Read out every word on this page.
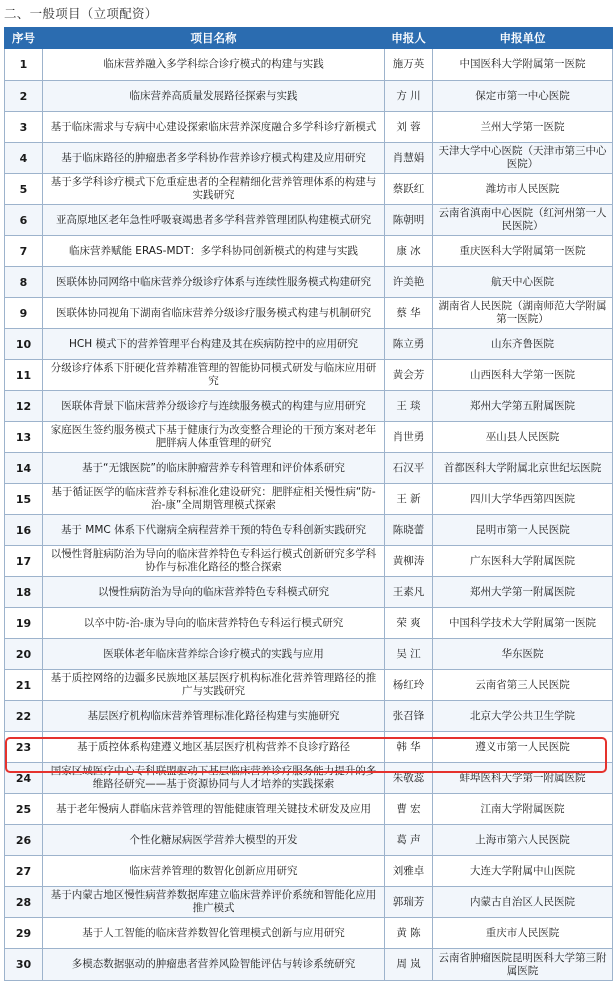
二、一般项目（立项配资）
序号	项目名称	申报人	申报单位
1	临床营养融入多学科综合诊疗模式的构建与实践	施万英	中国医科大学附属第一医院
2	临床营养高质量发展路径探索与实践	方 川	保定市第一中心医院
3	基于临床需求与专病中心建设探索临床营养深度融合多学科诊疗新模式	刘 蓉	兰州大学第一医院
4	基于临床路径的肿瘤患者多学科协作营养诊疗模式构建及应用研究	肖慧娟	天津大学中心医院（天津市第三中心医院）
5	基于多学科诊疗模式下危重症患者的全程精细化营养管理体系的构建与实践研究	蔡跃红	潍坊市人民医院
6	亚高原地区老年急性呼吸衰竭患者多学科营养管理团队构建模式研究	陈朝明	云南省滇南中心医院（红河州第一人民医院）
7	临床营养赋能 ERAS-MDT：多学科协同创新模式的构建与实践	康 冰	重庆医科大学附属第一医院
8	医联体协同网络中临床营养分级诊疗体系与连续性服务模式构建研究	许美艳	航天中心医院
9	医联体协同视角下湖南省临床营养分级诊疗服务模式构建与机制研究	蔡 华	湖南省人民医院（湖南师范大学附属第一医院）
10	HCH 模式下的营养管理平台构建及其在疾病防控中的应用研究	陈立勇	山东齐鲁医院
11	分级诊疗体系下肝硬化营养精准管理的智能协同模式研发与临床应用研究	黄会芳	山西医科大学第一医院
12	医联体背景下临床营养分级诊疗与连续服务模式的构建与应用研究	王 琰	郑州大学第五附属医院
13	家庭医生签约服务模式下基于健康行为改变整合理论的干预方案对老年肥胖病人体重管理的研究	肖世勇	巫山县人民医院
14	基于“无饿医院”的临床肿瘤营养专科管理和评价体系研究	石汉平	首都医科大学附属北京世纪坛医院
15	基于循证医学的临床营养专科标准化建设研究：肥胖症相关慢性病“防-治-康”全周期管理模式探索	王 新	四川大学华西第四医院
16	基于 MMC 体系下代谢病全病程营养干预的特色专科创新实践研究	陈晓蕾	昆明市第一人民医院
17	以慢性肾脏病防治为导向的临床营养特色专科运行模式创新研究多学科协作与标准化路径的整合探索	黄柳涛	广东医科大学附属医院
18	以慢性病防治为导向的临床营养特色专科模式研究	王素凡	郑州大学第一附属医院
19	以卒中防-治-康为导向的临床营养特色专科运行模式研究	荣 爽	中国科学技术大学附属第一医院
20	医联体老年临床营养综合诊疗模式的实践与应用	吴 江	华东医院
21	基于质控网络的边疆多民族地区基层医疗机构标准化营养管理路径的推广与实践研究	杨红玲	云南省第三人民医院
22	基层医疗机构临床营养管理标准化路径构建与实施研究	张召锋	北京大学公共卫生学院
23	基于质控体系构建遵义地区基层医疗机构营养不良诊疗路径	韩 华	遵义市第一人民医院
24	国家区域医疗中心专科联盟驱动下基层临床营养诊疗服务能力提升的多维路径研究——基于资源协同与人才培养的实践探索	朱敬蕊	蚌埠医科大学第一附属医院
25	基于老年慢病人群临床营养管理的智能健康管理关键技术研发及应用	曹 宏	江南大学附属医院
26	个性化糖尿病医学营养大模型的开发	葛 声	上海市第六人民医院
27	临床营养管理的数智化创新应用研究	刘雅卓	大连大学附属中山医院
28	基于内蒙古地区慢性病营养数据库建立临床营养评价系统和智能化应用推广模式	郭瑞芳	内蒙古自治区人民医院
29	基于人工智能的临床营养数智化管理模式创新与应用研究	黄 陈	重庆市人民医院
30	多模态数据驱动的肿瘤患者营养风险智能评估与转诊系统研究	周 岚	云南省肿瘤医院昆明医科大学第三附属医院
